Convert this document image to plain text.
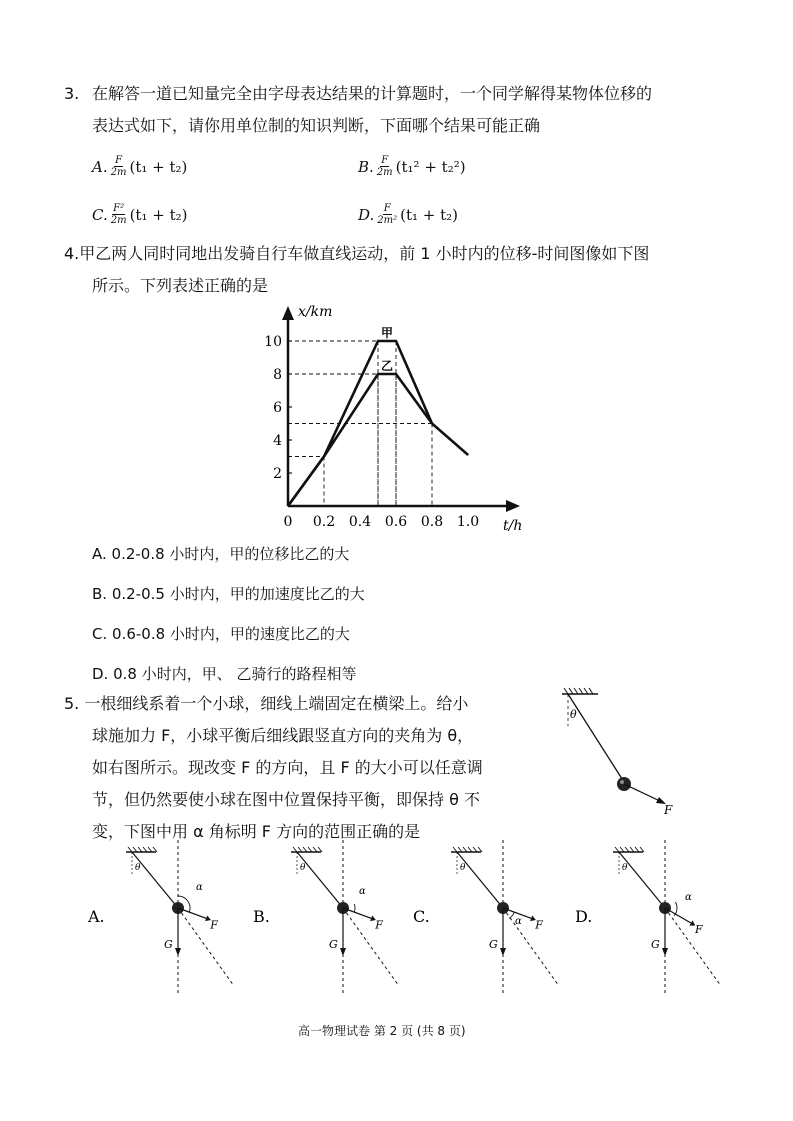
3. 在解答一道已知量完全由字母表达结果的计算题时，一个同学解得某物体位移的
表达式如下，请你用单位制的知识判断，下面哪个结果可能正确
A. $\frac{F}{2m} (t_1 + t_2)$	B. $\frac{F}{2m} (t_1^2 + t_2^2)$
C. $\frac{\text{F²}}{2m} (t_1 + t_2)$	D. $\frac{F}{\text{2m²}} (t_1 + t_2)$
4.甲乙两人同时同地出发骑自行车做直线运动，前 1 小时内的位移-时间图像如下图
所示。下列表述正确的是
2
4
6
8
10
0 0.2 0.4 0.6 0.8 1.0 t/h
x/km
甲
乙
A. 0.2-0.8 小时内，甲的位移比乙的大
B. 0.2-0.5 小时内，甲的加速度比乙的大
C. 0.6-0.8 小时内，甲的速度比乙的大
D. 0.8 小时内，甲、 乙骑行的路程相等
5. 一根细线系着一个小球，细线上端固定在横梁上。给小
球施加力 F，小球平衡后细线跟竖直方向的夹角为 θ，
如右图所示。现改变 F 的方向，且 F 的大小可以任意调
节，但仍然要使小球在图中位置保持平衡，即保持 θ 不
变，下图中用 α 角标明 F 方向的范围正确的是
θ
F
A.
θ
G
F
α
B.
θ
G
F
α
C.
θ
G
F
α	D.
θ
G
F
α
高一物理试卷 第 2 页 (共 8 页)
